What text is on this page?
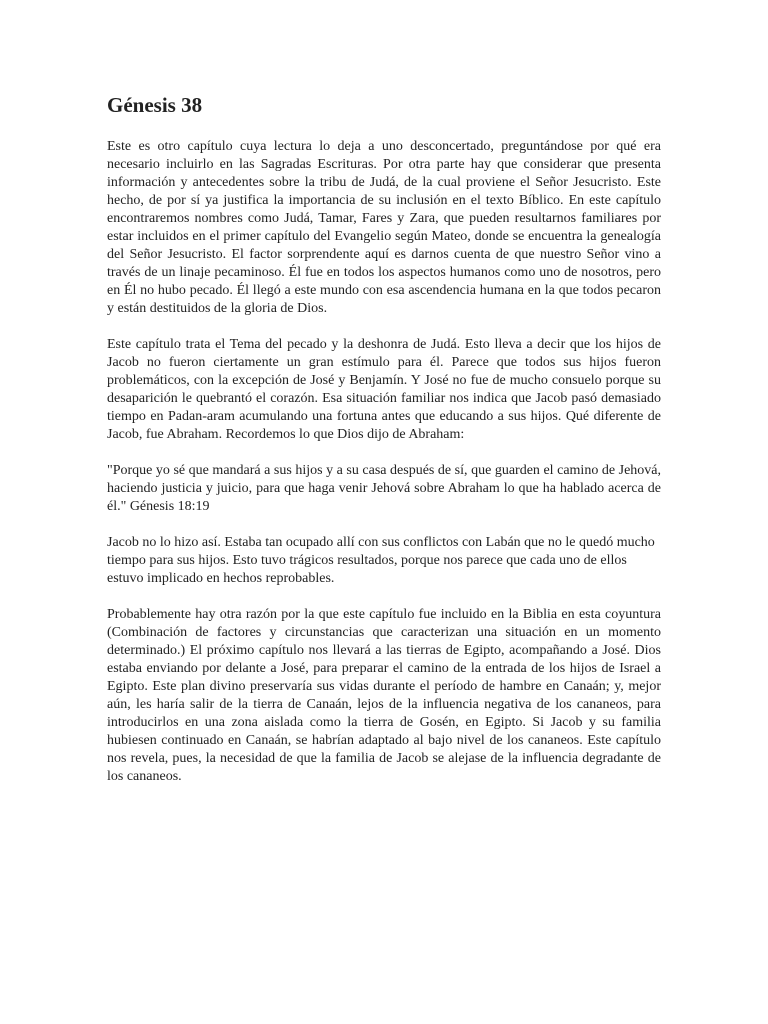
Génesis 38

Este es otro capítulo cuya lectura lo deja a uno desconcertado, preguntándose por qué era necesario incluirlo en las Sagradas Escrituras. Por otra parte hay que considerar que presenta información y antecedentes sobre la tribu de Judá, de la cual proviene el Señor Jesucristo. Este hecho, de por sí ya justifica la importancia de su inclusión en el texto Bíblico. En este capítulo encontraremos nombres como Judá, Tamar, Fares y Zara, que pueden resultarnos familiares por estar incluidos en el primer capítulo del Evangelio según Mateo, donde se encuentra la genealogía del Señor Jesucristo. El factor sorprendente aquí es darnos cuenta de que nuestro Señor vino a través de un linaje pecaminoso. Él fue en todos los aspectos humanos como uno de nosotros, pero en Él no hubo pecado. Él llegó a este mundo con esa ascendencia humana en la que todos pecaron y están destituidos de la gloria de Dios.

Este capítulo trata el Tema del pecado y la deshonra de Judá. Esto lleva a decir que los hijos de Jacob no fueron ciertamente un gran estímulo para él. Parece que todos sus hijos fueron problemáticos, con la excepción de José y Benjamín. Y José no fue de mucho consuelo porque su desaparición le quebrantó el corazón. Esa situación familiar nos indica que Jacob pasó demasiado tiempo en Padan-aram acumulando una fortuna antes que educando a sus hijos. Qué diferente de Jacob, fue Abraham. Recordemos lo que Dios dijo de Abraham:

"Porque yo sé que mandará a sus hijos y a su casa después de sí, que guarden el camino de Jehová, haciendo justicia y juicio, para que haga venir Jehová sobre Abraham lo que ha hablado acerca de él." Génesis 18:19

Jacob no lo hizo así. Estaba tan ocupado allí con sus conflictos con Labán que no le quedó mucho tiempo para sus hijos. Esto tuvo trágicos resultados, porque nos parece que cada uno de ellos estuvo implicado en hechos reprobables.

Probablemente hay otra razón por la que este capítulo fue incluido en la Biblia en esta coyuntura (Combinación de factores y circunstancias que caracterizan una situación en un momento determinado.) El próximo capítulo nos llevará a las tierras de Egipto, acompañando a José. Dios estaba enviando por delante a José, para preparar el camino de la entrada de los hijos de Israel a Egipto. Este plan divino preservaría sus vidas durante el período de hambre en Canaán; y, mejor aún, les haría salir de la tierra de Canaán, lejos de la influencia negativa de los cananeos, para introducirlos en una zona aislada como la tierra de Gosén, en Egipto. Si Jacob y su familia hubiesen continuado en Canaán, se habrían adaptado al bajo nivel de los cananeos. Este capítulo nos revela, pues, la necesidad de que la familia de Jacob se alejase de la influencia degradante de los cananeos.
